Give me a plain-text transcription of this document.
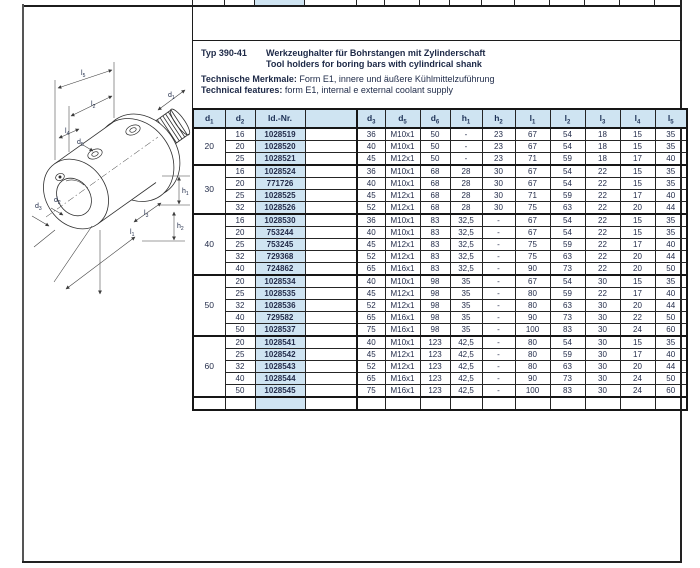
Typ 390-41	Werkzeughalter für Bohrstangen mit Zylinderschaft
Tool holders for boring bars with cylindrical shank
Technische Merkmale: Form E1, innere und äußere Kühlmittelzuführung
Technical features: form E1, internal e external coolant supply
$d_1$	$d_2$	Id.-Nr.		$d_3$	$d_5$	$d_6$	$h_1$	$h_2$	$l_1$	$l_2$	$l_3$	$l_4$	$l_5$
20	16	1028519		36	M10x1	50	-	23	67	54	18	15	35
	20	1028520		40	M10x1	50	-	23	67	54	18	15	35
	25	1028521		45	M12x1	50	-	23	71	59	18	17	40
30	16	1028524		36	M10x1	68	28	30	67	54	22	15	35
	20	771726		40	M10x1	68	28	30	67	54	22	15	35
	25	1028525		45	M12x1	68	28	30	71	59	22	17	40
	32	1028526		52	M12x1	68	28	30	75	63	22	20	44
40	16	1028530		36	M10x1	83	32,5	-	67	54	22	15	35
	20	753244		40	M10x1	83	32,5	-	67	54	22	15	35
	25	753245		45	M12x1	83	32,5	-	75	59	22	17	40
	32	729368		52	M12x1	83	32,5	-	75	63	22	20	44
	40	724862		65	M16x1	83	32,5	-	90	73	22	20	50
50	20	1028534		40	M10x1	98	35	-	67	54	30	15	35
	25	1028535		45	M12x1	98	35	-	80	59	22	17	40
	32	1028536		52	M12x1	98	35	-	80	63	30	20	44
	40	729582		65	M16x1	98	35	-	90	73	30	22	50
	50	1028537		75	M16x1	98	35	-	100	83	30	24	60
60	20	1028541		40	M10x1	123	42,5	-	80	54	30	15	35
	25	1028542		45	M12x1	123	42,5	-	80	59	30	17	40
	32	1028543		52	M12x1	123	42,5	-	80	63	30	20	44
	40	1028544		65	M16x1	123	42,5	-	90	73	30	24	50
	50	1028545		75	M16x1	123	42,5	-	100	83	30	24	60

l5
d1
l2
l4
d5
d3
d2
l3
h1
h2
l1
